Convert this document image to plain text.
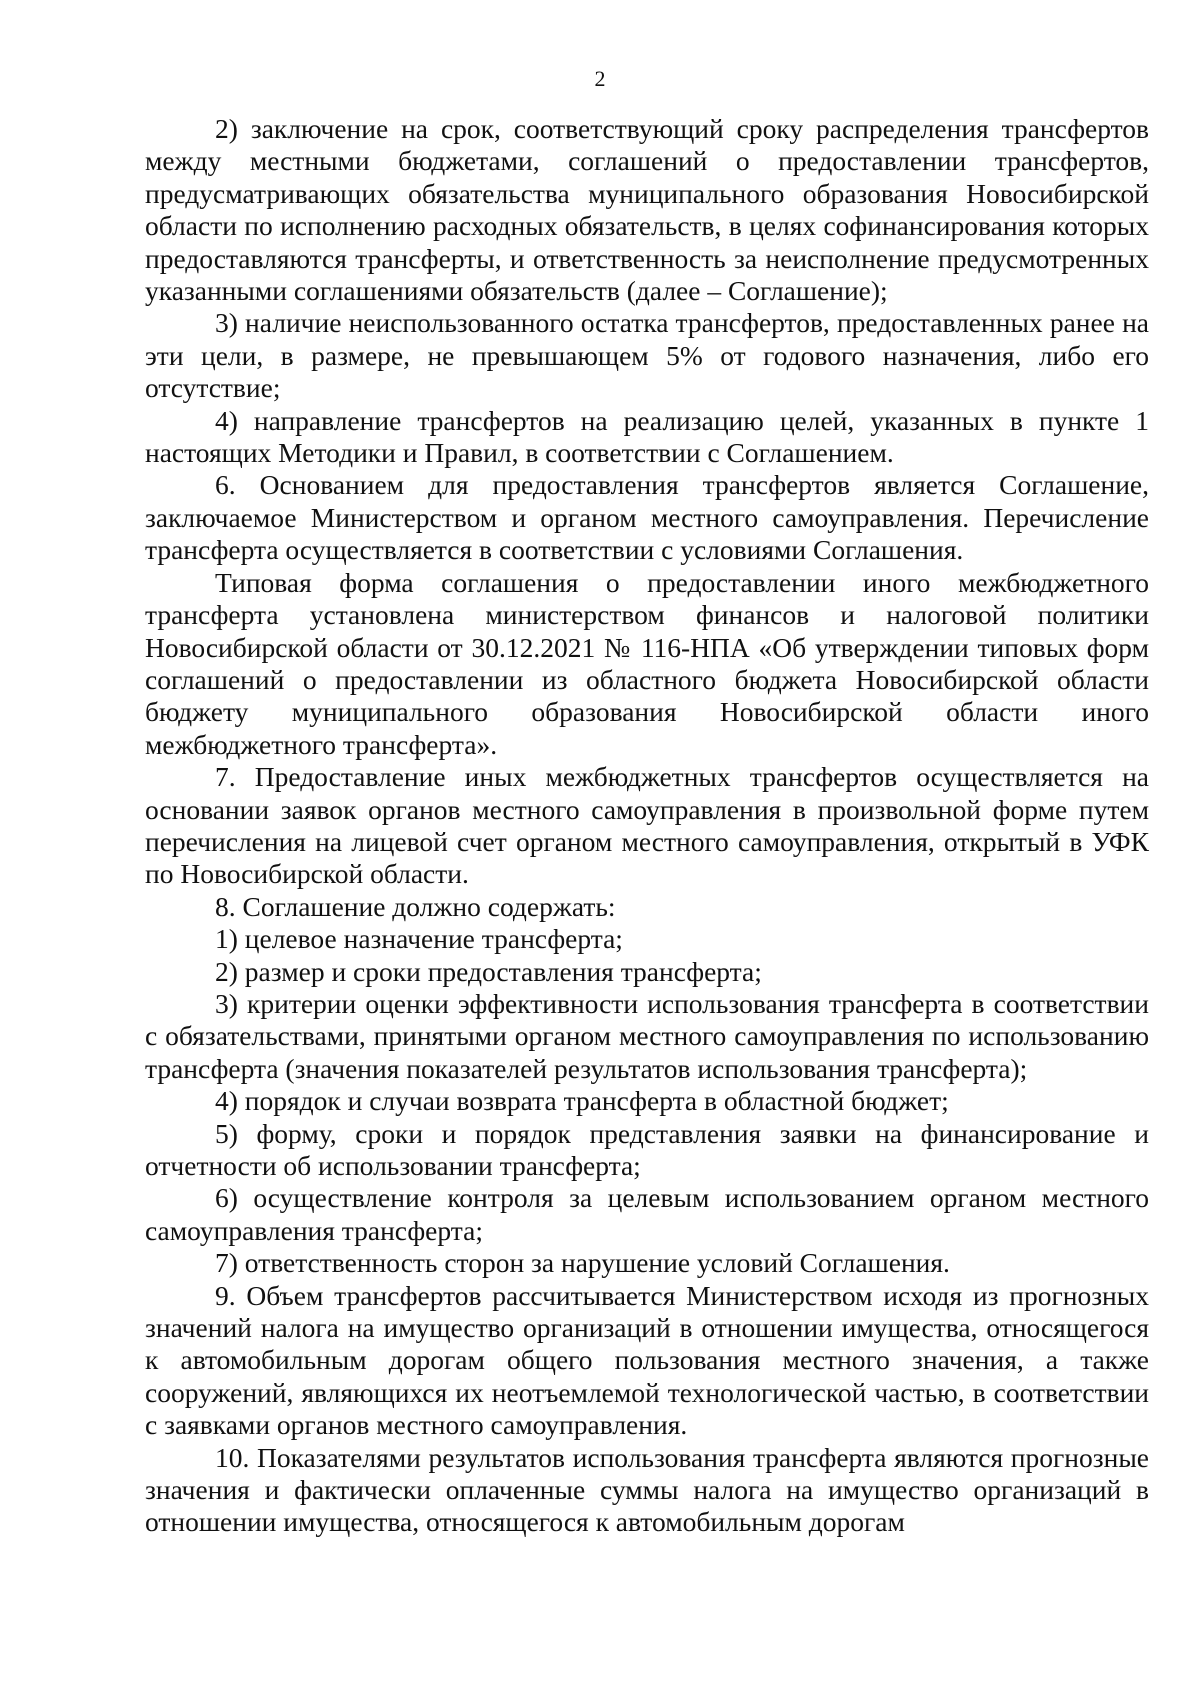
2

2) заключение на срок, соответствующий сроку распределения трансфертов между местными бюджетами, соглашений о предоставлении трансфертов, предусматривающих обязательства муниципального образования Новосибирской области по исполнению расходных обязательств, в целях софинансирования которых предоставляются трансферты, и ответственность за неисполнение предусмотренных указанными соглашениями обязательств (далее – Соглашение);

3) наличие неиспользованного остатка трансфертов, предоставленных ранее на эти цели, в размере, не превышающем 5% от годового назначения, либо его отсутствие;

4) направление трансфертов на реализацию целей, указанных в пункте 1 настоящих Методики и Правил, в соответствии с Соглашением.

6. Основанием для предоставления трансфертов является Соглашение, заключаемое Министерством и органом местного самоуправления. Перечисление трансферта осуществляется в соответствии с условиями Соглашения.

Типовая форма соглашения о предоставлении иного межбюджетного трансферта установлена министерством финансов и налоговой политики Новосибирской области от 30.12.2021 № 116-НПА «Об утверждении типовых форм соглашений о предоставлении из областного бюджета Новосибирской области бюджету муниципального образования Новосибирской области иного межбюджетного трансферта».

7. Предоставление иных межбюджетных трансфертов осуществляется на основании заявок органов местного самоуправления в произвольной форме путем перечисления на лицевой счет органом местного самоуправления, открытый в УФК по Новосибирской области.

8. Соглашение должно содержать:

1) целевое назначение трансферта;

2) размер и сроки предоставления трансферта;

3) критерии оценки эффективности использования трансферта в соответствии с обязательствами, принятыми органом местного самоуправления по использованию трансферта (значения показателей результатов использования трансферта);

4) порядок и случаи возврата трансферта в областной бюджет;

5) форму, сроки и порядок представления заявки на финансирование и отчетности об использовании трансферта;

6) осуществление контроля за целевым использованием органом местного самоуправления трансферта;

7) ответственность сторон за нарушение условий Соглашения.

9. Объем трансфертов рассчитывается Министерством исходя из прогнозных значений налога на имущество организаций в отношении имущества, относящегося к автомобильным дорогам общего пользования местного значения, а также сооружений, являющихся их неотъемлемой технологической частью, в соответствии с заявками органов местного самоуправления.

10. Показателями результатов использования трансферта являются прогнозные значения и фактически оплаченные суммы налога на имущество организаций в отношении имущества, относящегося к автомобильным дорогам
